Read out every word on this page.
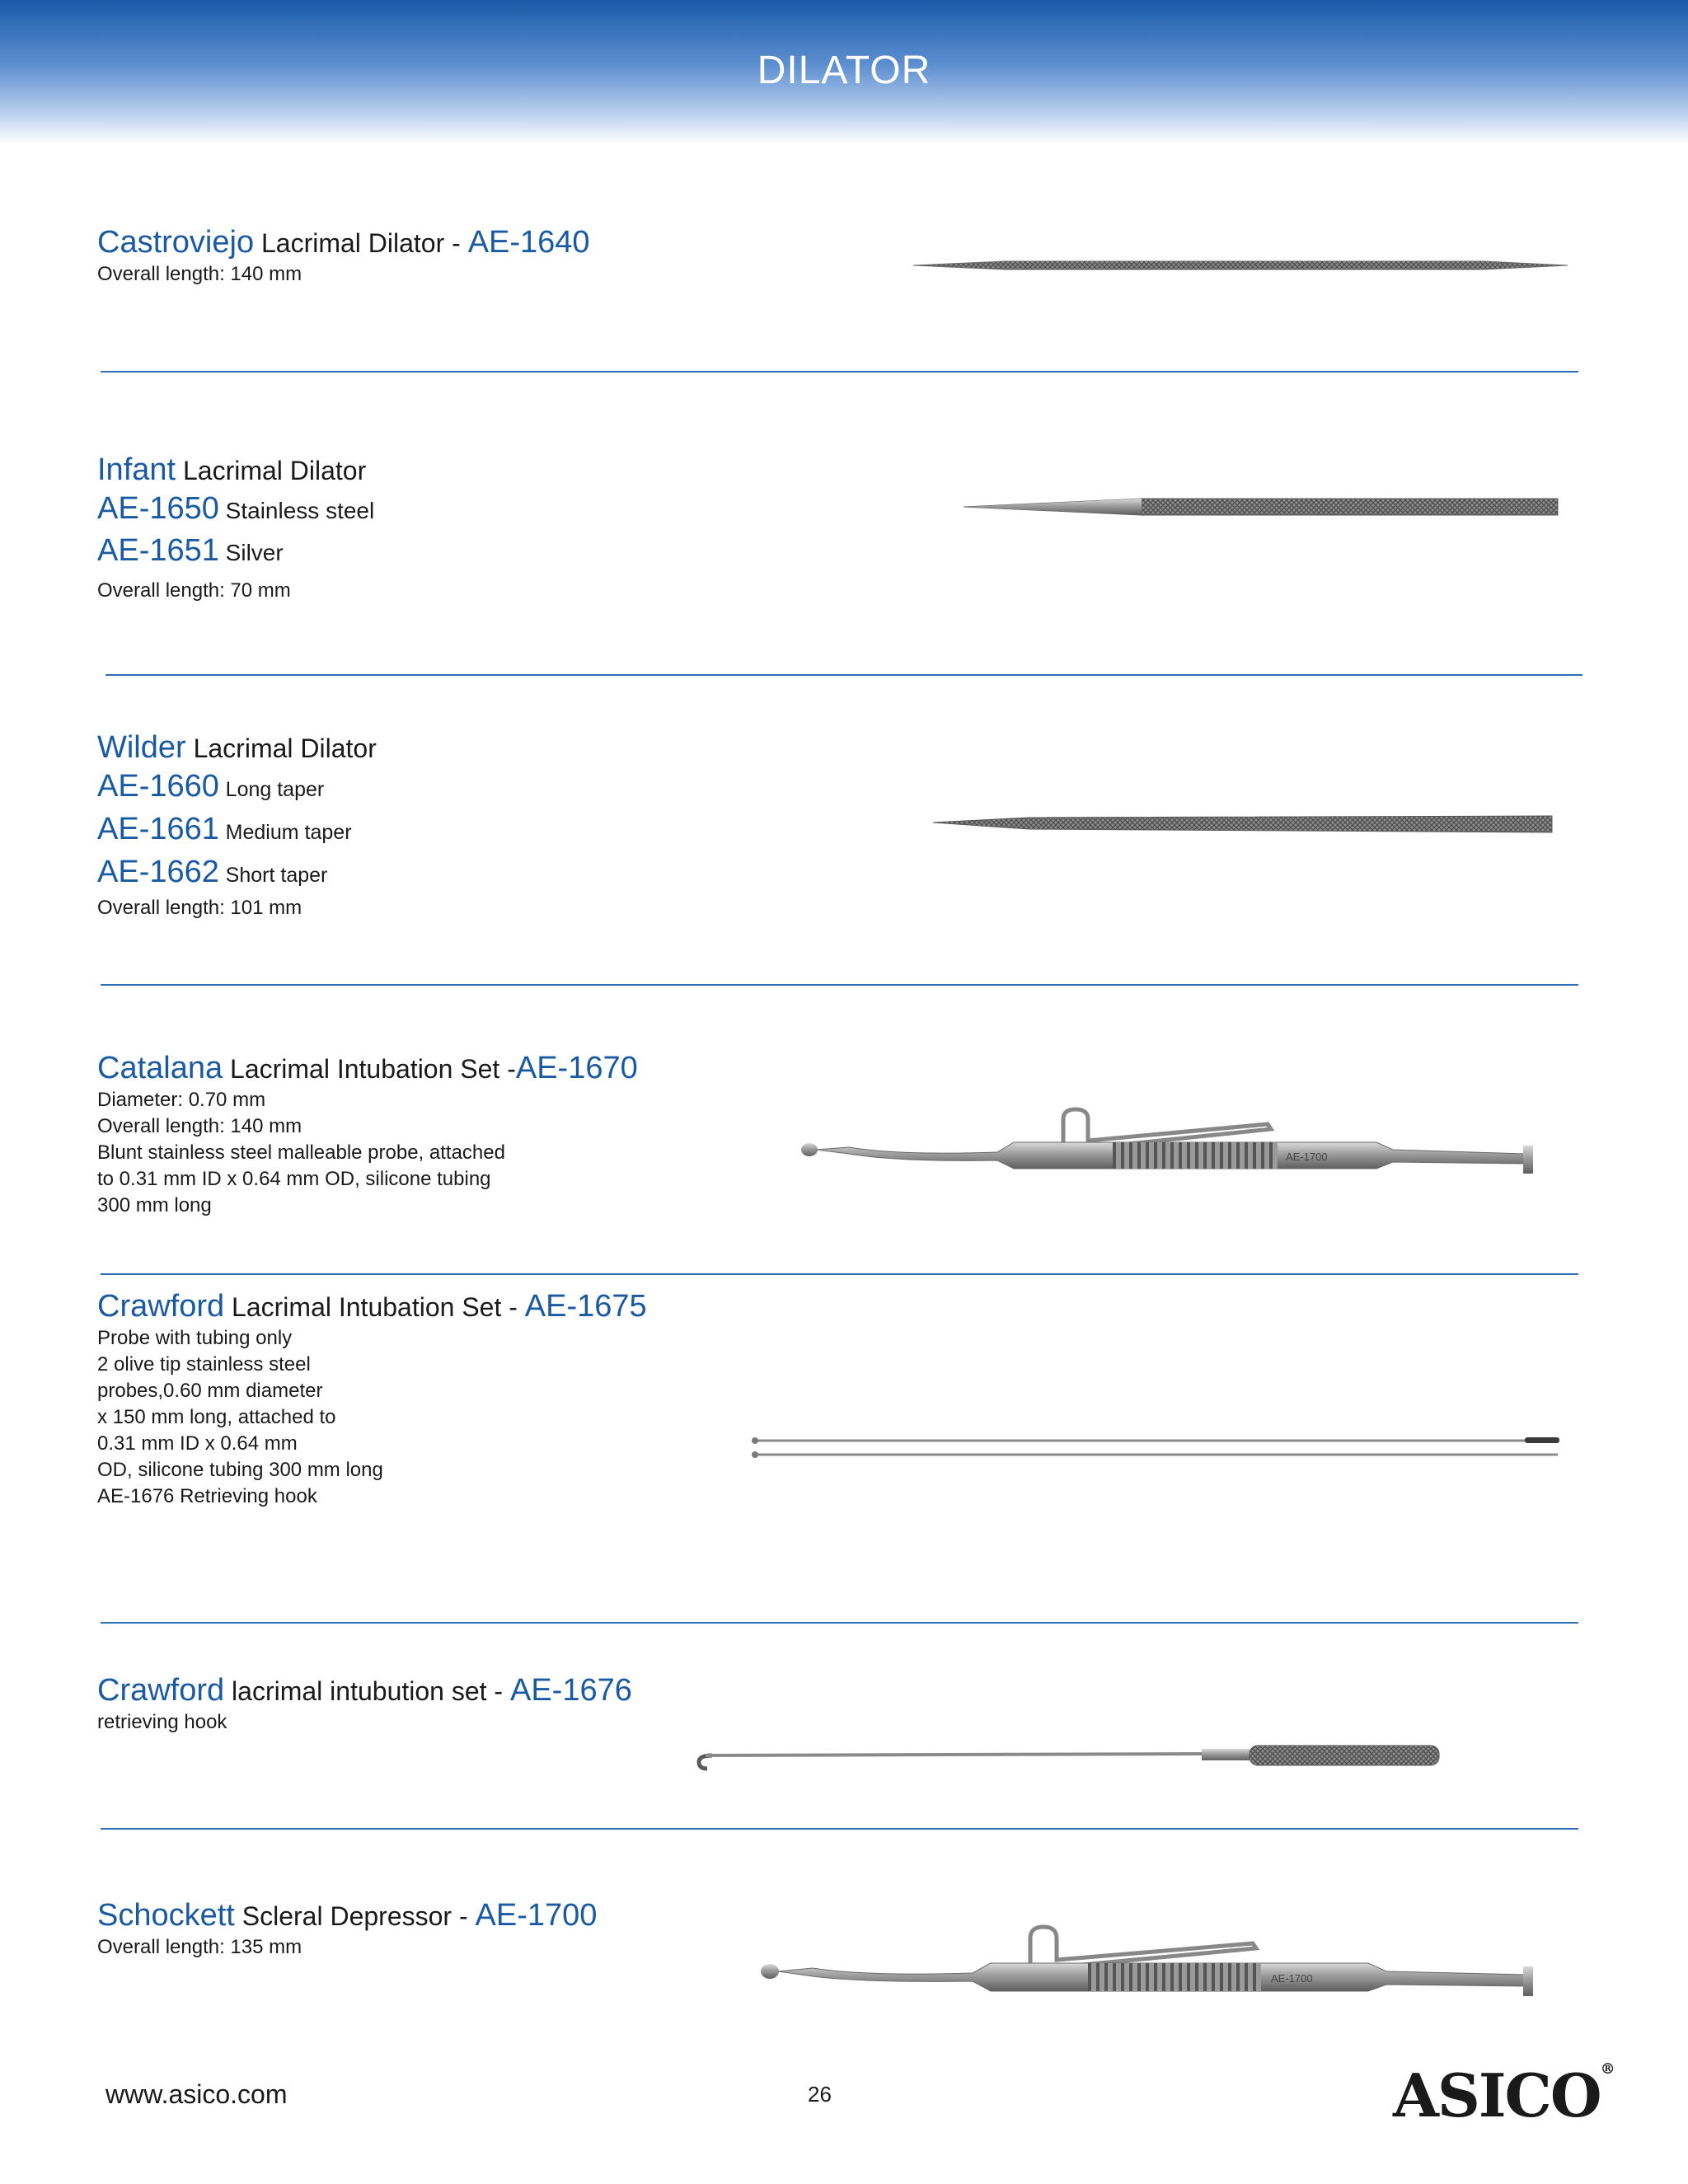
DILATOR
Castroviejo Lacrimal Dilator - AE-1640
Overall length: 140 mm
Infant Lacrimal Dilator
AE-1650 Stainless steel
AE-1651 Silver
Overall length: 70 mm
Wilder Lacrimal Dilator
AE-1660 Long taper
AE-1661 Medium taper
AE-1662 Short taper
Overall length: 101 mm
Catalana Lacrimal Intubation Set -AE-1670
Diameter: 0.70 mm
Overall length: 140 mm
Blunt stainless steel malleable probe, attached
to 0.31 mm ID x 0.64 mm OD, silicone tubing
300 mm long
AE-1700
Crawford Lacrimal Intubation Set - AE-1675
Probe with tubing only
2 olive tip stainless steel
probes,0.60 mm diameter
x 150 mm long, attached to
0.31 mm ID x 0.64 mm
OD, silicone tubing 300 mm long
AE-1676 Retrieving hook
Crawford lacrimal intubution set - AE-1676
retrieving hook
Schockett Scleral Depressor - AE-1700
Overall length: 135 mm
AE-1700
www.asico.com	26	ASICO®
